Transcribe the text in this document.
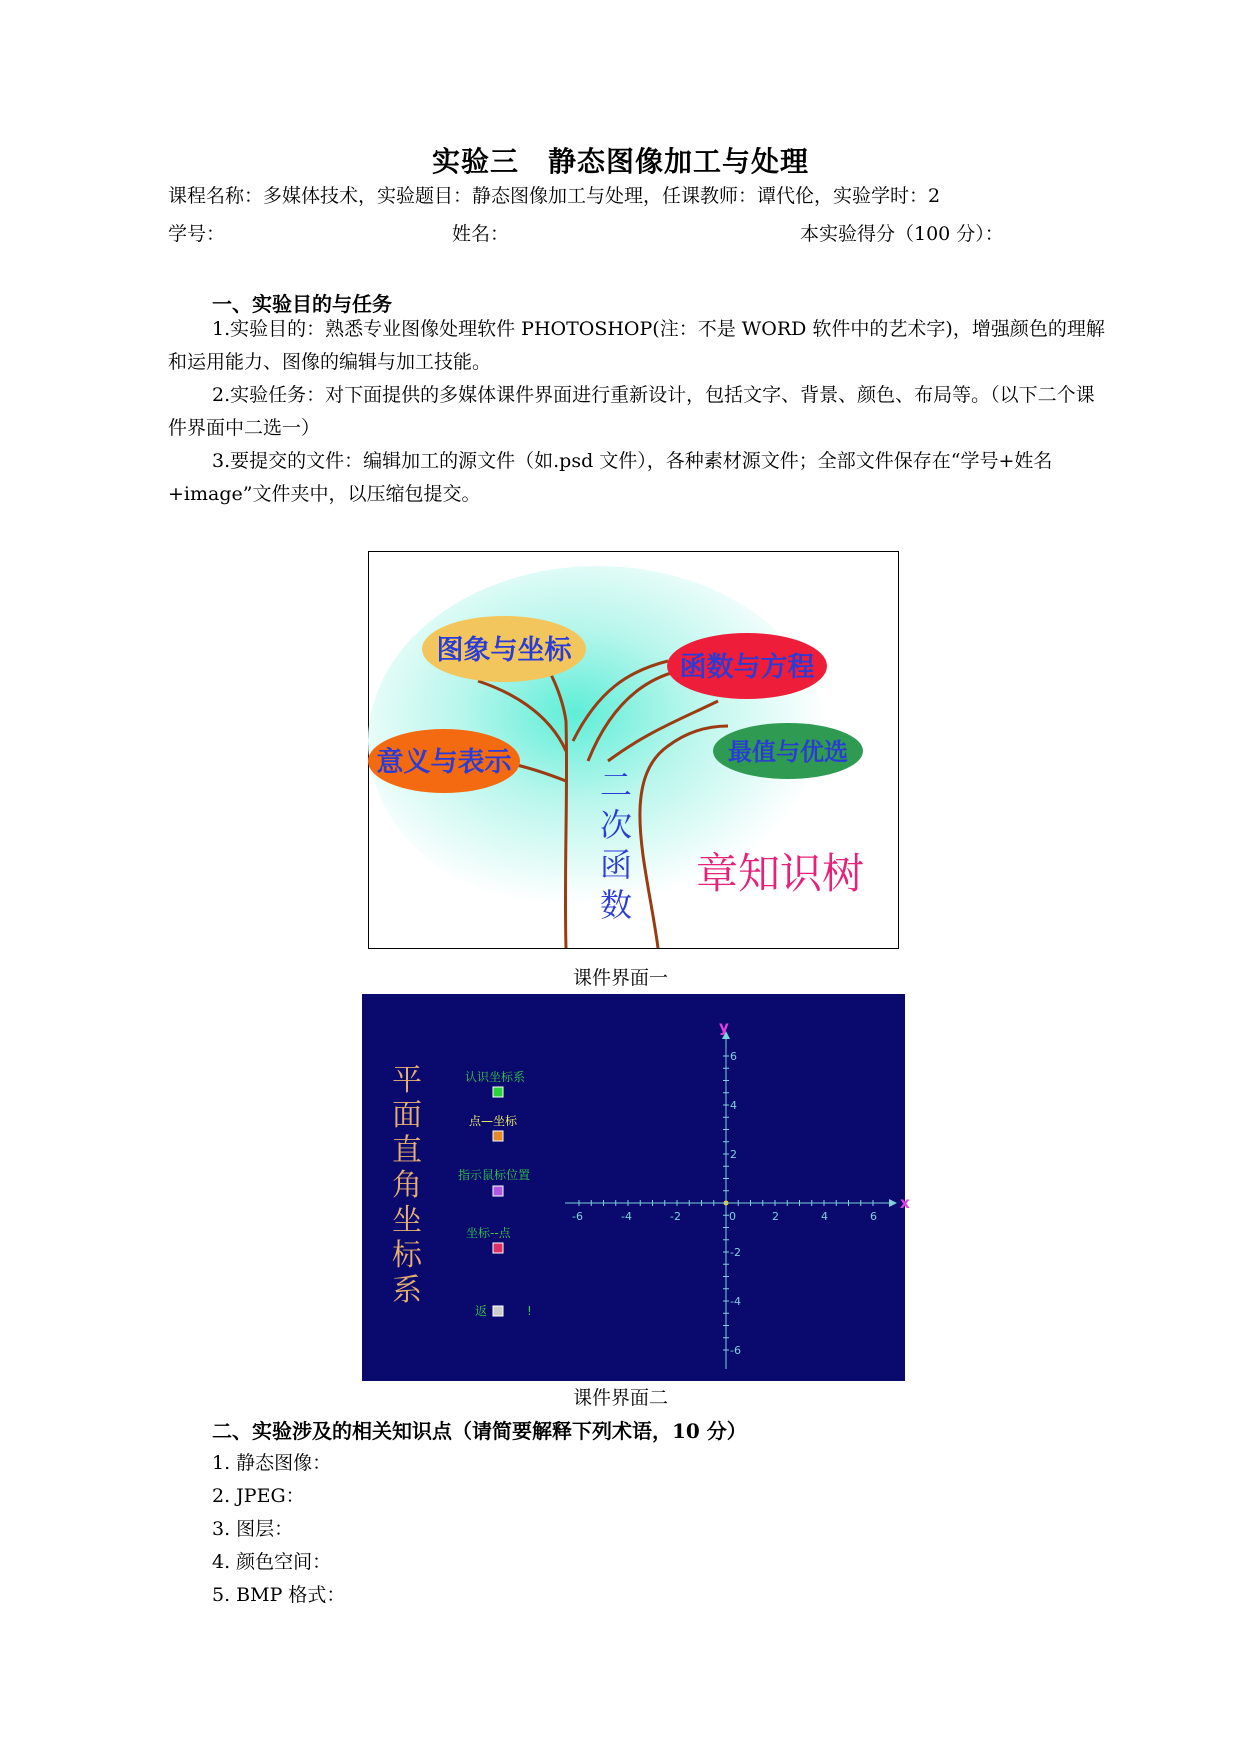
实验三　静态图像加工与处理
课程名称：多媒体技术，实验题目：静态图像加工与处理，任课教师：谭代伦，实验学时：2
学号：	姓名：	本实验得分（100 分）：
一、实验目的与任务
1.实验目的：熟悉专业图像处理软件 PHOTOSHOP(注：不是 WORD 软件中的艺术字)，增强颜色的理解和运用能力、图像的编辑与加工技能。
2.实验任务：对下面提供的多媒体课件界面进行重新设计，包括文字、背景、颜色、布局等。（以下二个课件界面中二选一）
3.要提交的文件：编辑加工的源文件（如.psd 文件），各种素材源文件；全部文件保存在“学号+姓名+image”文件夹中，以压缩包提交。
图象与坐标
函数与方程
意义与表示	最值与优选
二
次
函
数
章知识树
课件界面一
平
面
直
角
坐
标
系
认识坐标系
点—坐标
指示鼠标位置
坐标--点
返	!
x
y
-6	-4	-2	0	2	4	6
6
4
2
-2
-4
-6
课件界面二
二、实验涉及的相关知识点（请简要解释下列术语，10 分）
1. 静态图像：
2. JPEG：
3. 图层：
4. 颜色空间：
5. BMP 格式：
